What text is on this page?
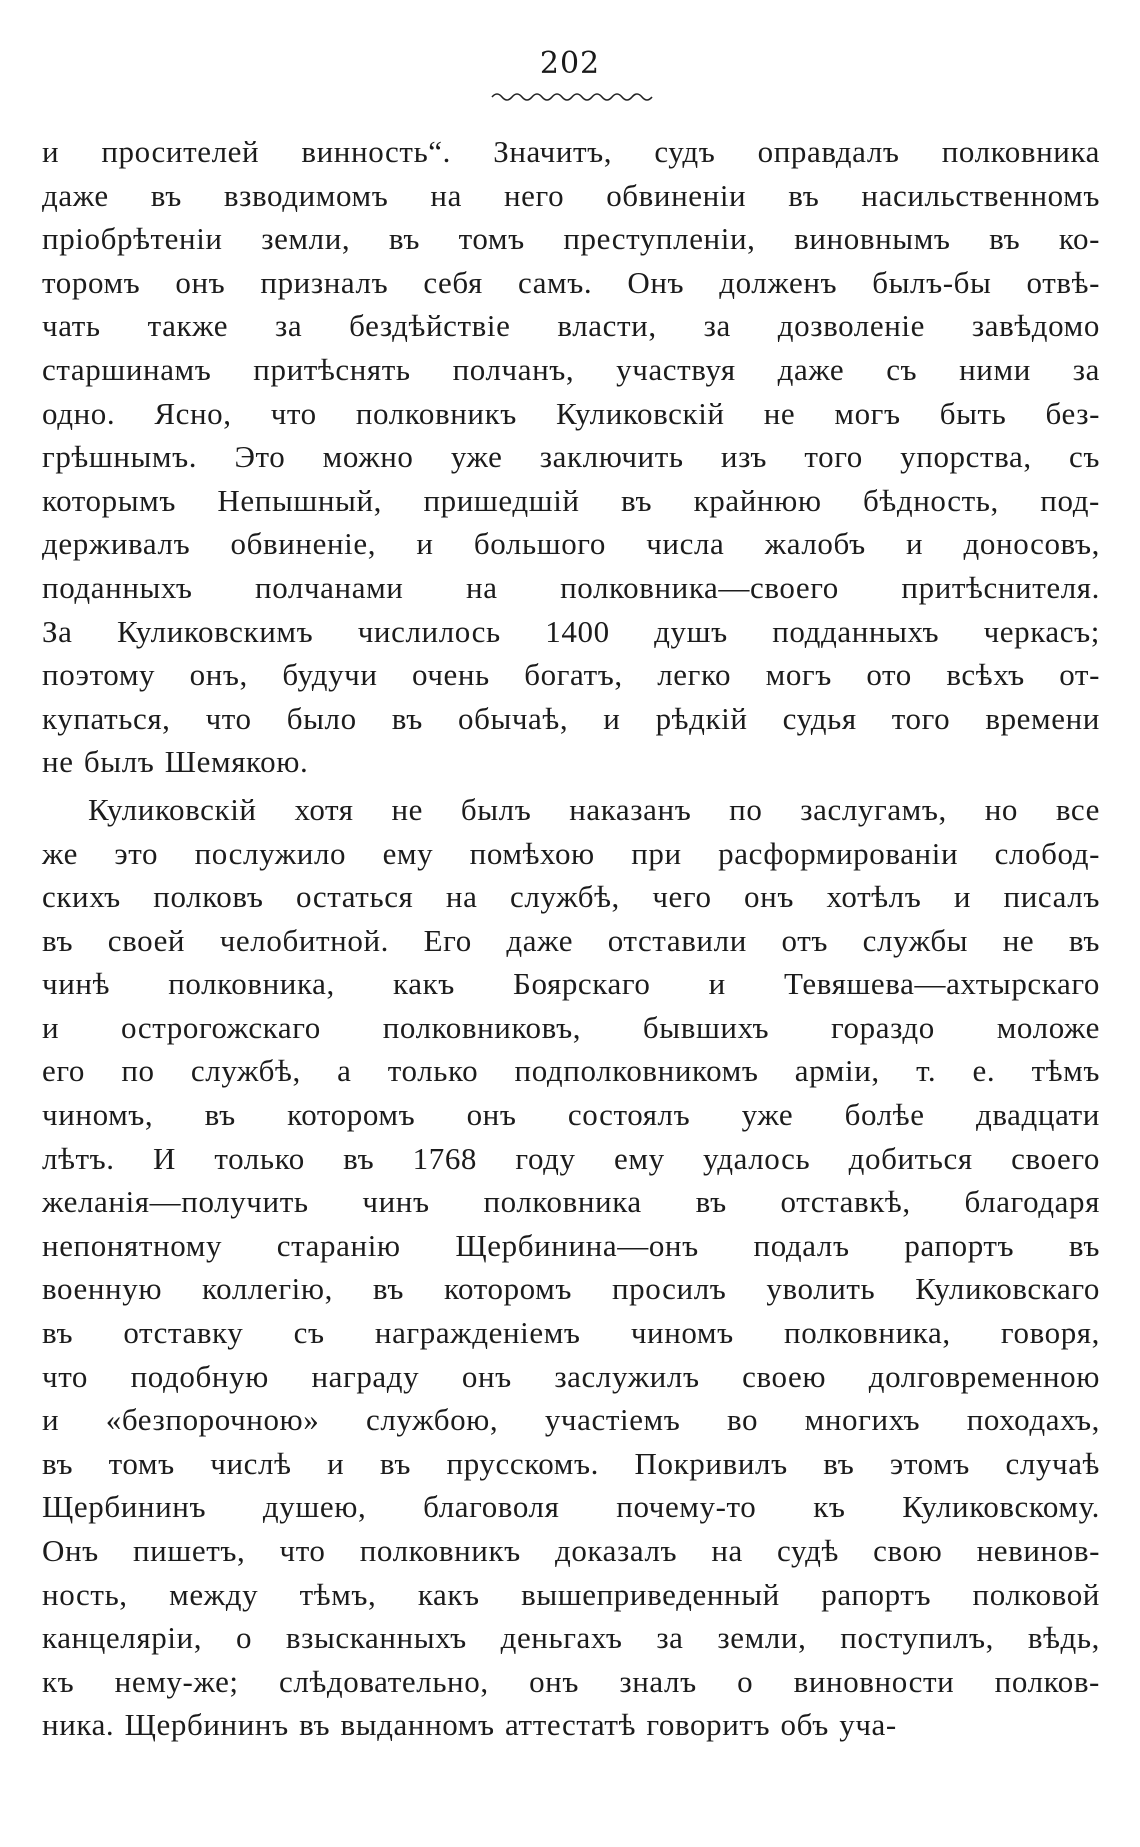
202
и просителей винность“. Значитъ, судъ оправдалъ полковника
даже въ взводимомъ на него обвиненіи въ насильственномъ
пріобрѣтеніи земли, въ томъ преступленіи, виновнымъ въ ко-
торомъ онъ призналъ себя самъ. Онъ долженъ былъ-бы отвѣ-
чать также за бездѣйствіе власти, за дозволеніе завѣдомо
старшинамъ притѣснять полчанъ, участвуя даже съ ними за
одно. Ясно, что полковникъ Куликовскій не могъ быть без-
грѣшнымъ. Это можно уже заключить изъ того упорства, съ
которымъ Непышный, пришедшій въ крайнюю бѣдность, под-
держивалъ обвиненіе, и большого числа жалобъ и доносовъ,
поданныхъ полчанами на полковника—своего притѣснителя.
За Куликовскимъ числилось 1400 душъ подданныхъ черкасъ;
поэтому онъ, будучи очень богатъ, легко могъ ото всѣхъ от-
купаться, что было въ обычаѣ, и рѣдкій судья того времени
не былъ Шемякою.
Куликовскій хотя не былъ наказанъ по заслугамъ, но все
же это послужило ему помѣхою при расформированіи слобод-
скихъ полковъ остаться на службѣ, чего онъ хотѣлъ и писалъ
въ своей челобитной. Его даже отставили отъ службы не въ
чинѣ полковника, какъ Боярскаго и Тевяшева—ахтырскаго
и острогожскаго полковниковъ, бывшихъ гораздо моложе
его по службѣ, а только подполковникомъ арміи, т. е. тѣмъ
чиномъ, въ которомъ онъ состоялъ уже болѣе двадцати
лѣтъ. И только въ 1768 году ему удалось добиться своего
желанія—получить чинъ полковника въ отставкѣ, благодаря
непонятному старанію Щербинина—онъ подалъ рапортъ въ
военную коллегію, въ которомъ просилъ уволить Куликовскаго
въ отставку съ награжденіемъ чиномъ полковника, говоря,
что подобную награду онъ заслужилъ своею долговременною
и «безпорочною» службою, участіемъ во многихъ походахъ,
въ томъ числѣ и въ прусскомъ. Покривилъ въ этомъ случаѣ
Щербининъ душею, благоволя почему-то къ Куликовскому.
Онъ пишетъ, что полковникъ доказалъ на судѣ свою невинов-
ность, между тѣмъ, какъ вышеприведенный рапортъ полковой
канцеляріи, о взысканныхъ деньгахъ за земли, поступилъ, вѣдь,
къ нему-же; слѣдовательно, онъ зналъ о виновности полков-
ника. Щербининъ въ выданномъ аттестатѣ говоритъ объ уча-
